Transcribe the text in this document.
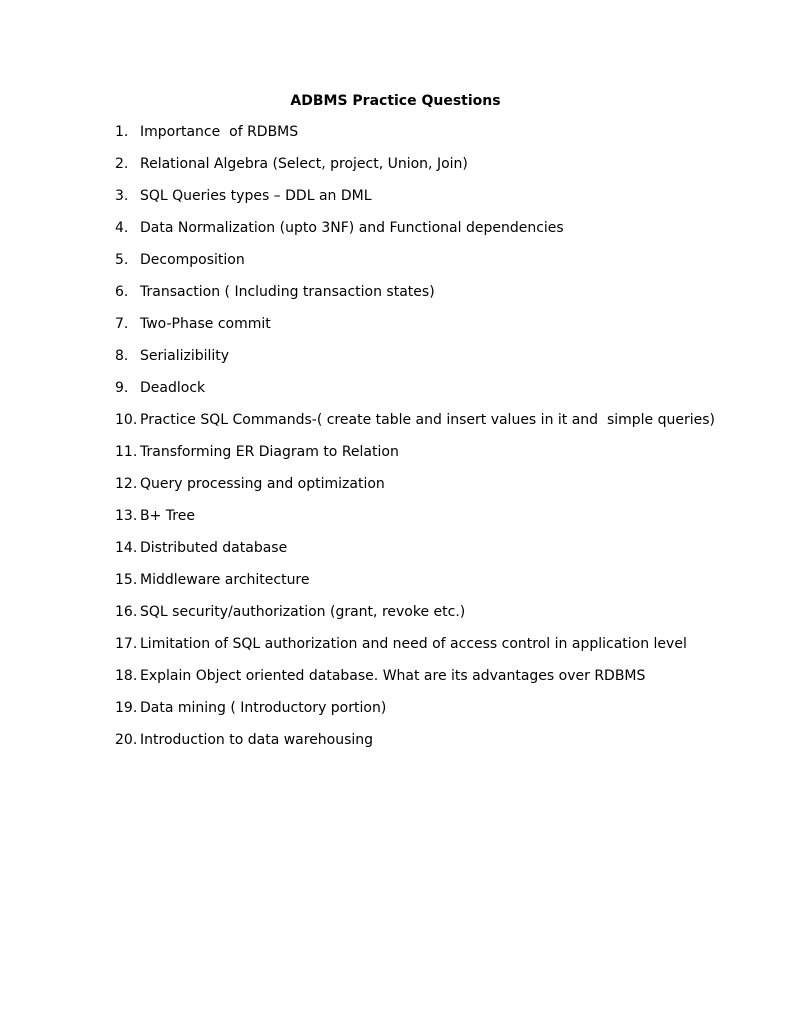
ADBMS Practice Questions
1. Importance  of RDBMS
2. Relational Algebra (Select, project, Union, Join)
3. SQL Queries types – DDL an DML
4. Data Normalization (upto 3NF) and Functional dependencies
5. Decomposition
6. Transaction ( Including transaction states)
7. Two-Phase commit
8. Serializibility
9. Deadlock
10. Practice SQL Commands-( create table and insert values in it and  simple queries)
11. Transforming ER Diagram to Relation
12. Query processing and optimization
13. B+ Tree
14. Distributed database
15. Middleware architecture
16. SQL security/authorization (grant, revoke etc.)
17. Limitation of SQL authorization and need of access control in application level
18. Explain Object oriented database. What are its advantages over RDBMS
19. Data mining ( Introductory portion)
20. Introduction to data warehousing
